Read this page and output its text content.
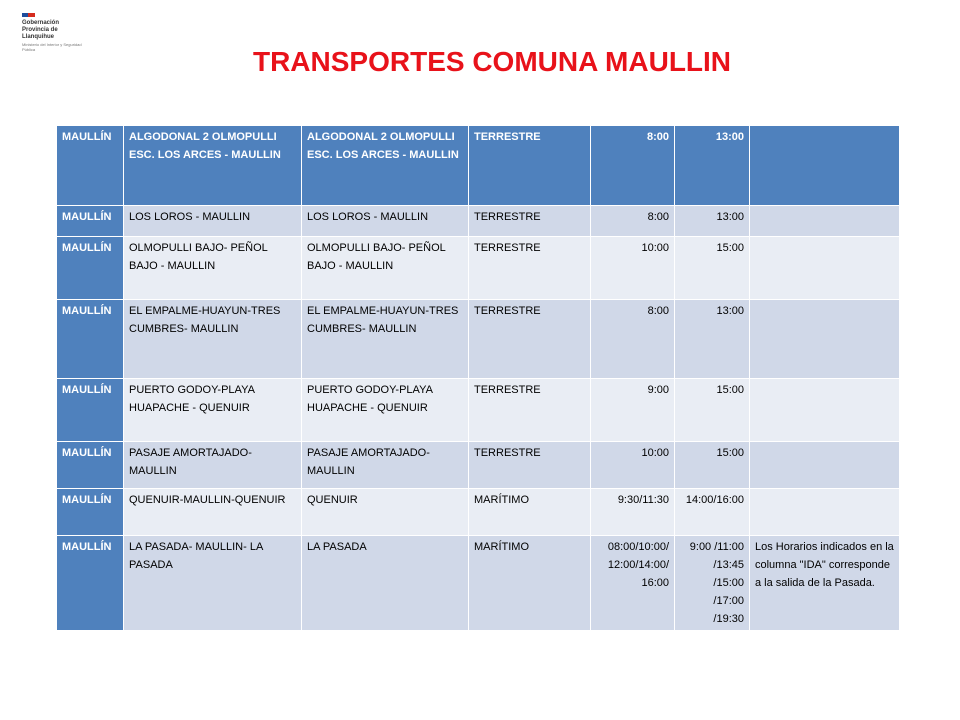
Gobernación
Provincia de
Llanquihue
Ministerio del Interior y Seguridad Pública	TRANSPORTES COMUNA MAULLIN
MAULLÍN	ALGODONAL 2 OLMOPULLI ESC. LOS ARCES - MAULLIN	ALGODONAL 2 OLMOPULLI ESC. LOS ARCES - MAULLIN	TERRESTRE	8:00	13:00	
MAULLÍN	LOS LOROS - MAULLIN	LOS LOROS - MAULLIN	TERRESTRE	8:00	13:00	
MAULLÍN	OLMOPULLI BAJO- PEÑOL BAJO - MAULLIN	OLMOPULLI BAJO- PEÑOL BAJO - MAULLIN	TERRESTRE	10:00	15:00	
MAULLÍN	EL EMPALME-HUAYUN-TRES CUMBRES- MAULLIN	EL EMPALME-HUAYUN-TRES CUMBRES- MAULLIN	TERRESTRE	8:00	13:00	
MAULLÍN	PUERTO GODOY-PLAYA HUAPACHE - QUENUIR	PUERTO GODOY-PLAYA HUAPACHE - QUENUIR	TERRESTRE	9:00	15:00	
MAULLÍN	PASAJE AMORTAJADO- MAULLIN	PASAJE AMORTAJADO- MAULLIN	TERRESTRE	10:00	15:00	
MAULLÍN	QUENUIR-MAULLIN-QUENUIR	QUENUIR	MARÍTIMO	9:30/11:30	14:00/16:00	
MAULLÍN	LA PASADA- MAULLIN- LA PASADA	LA PASADA	MARÍTIMO	08:00/10:00/ 12:00/14:00/ 16:00	9:00 /11:00 /13:45 /15:00 /17:00 /19:30	Los Horarios indicados en la columna "IDA" corresponde a la salida de la Pasada.
